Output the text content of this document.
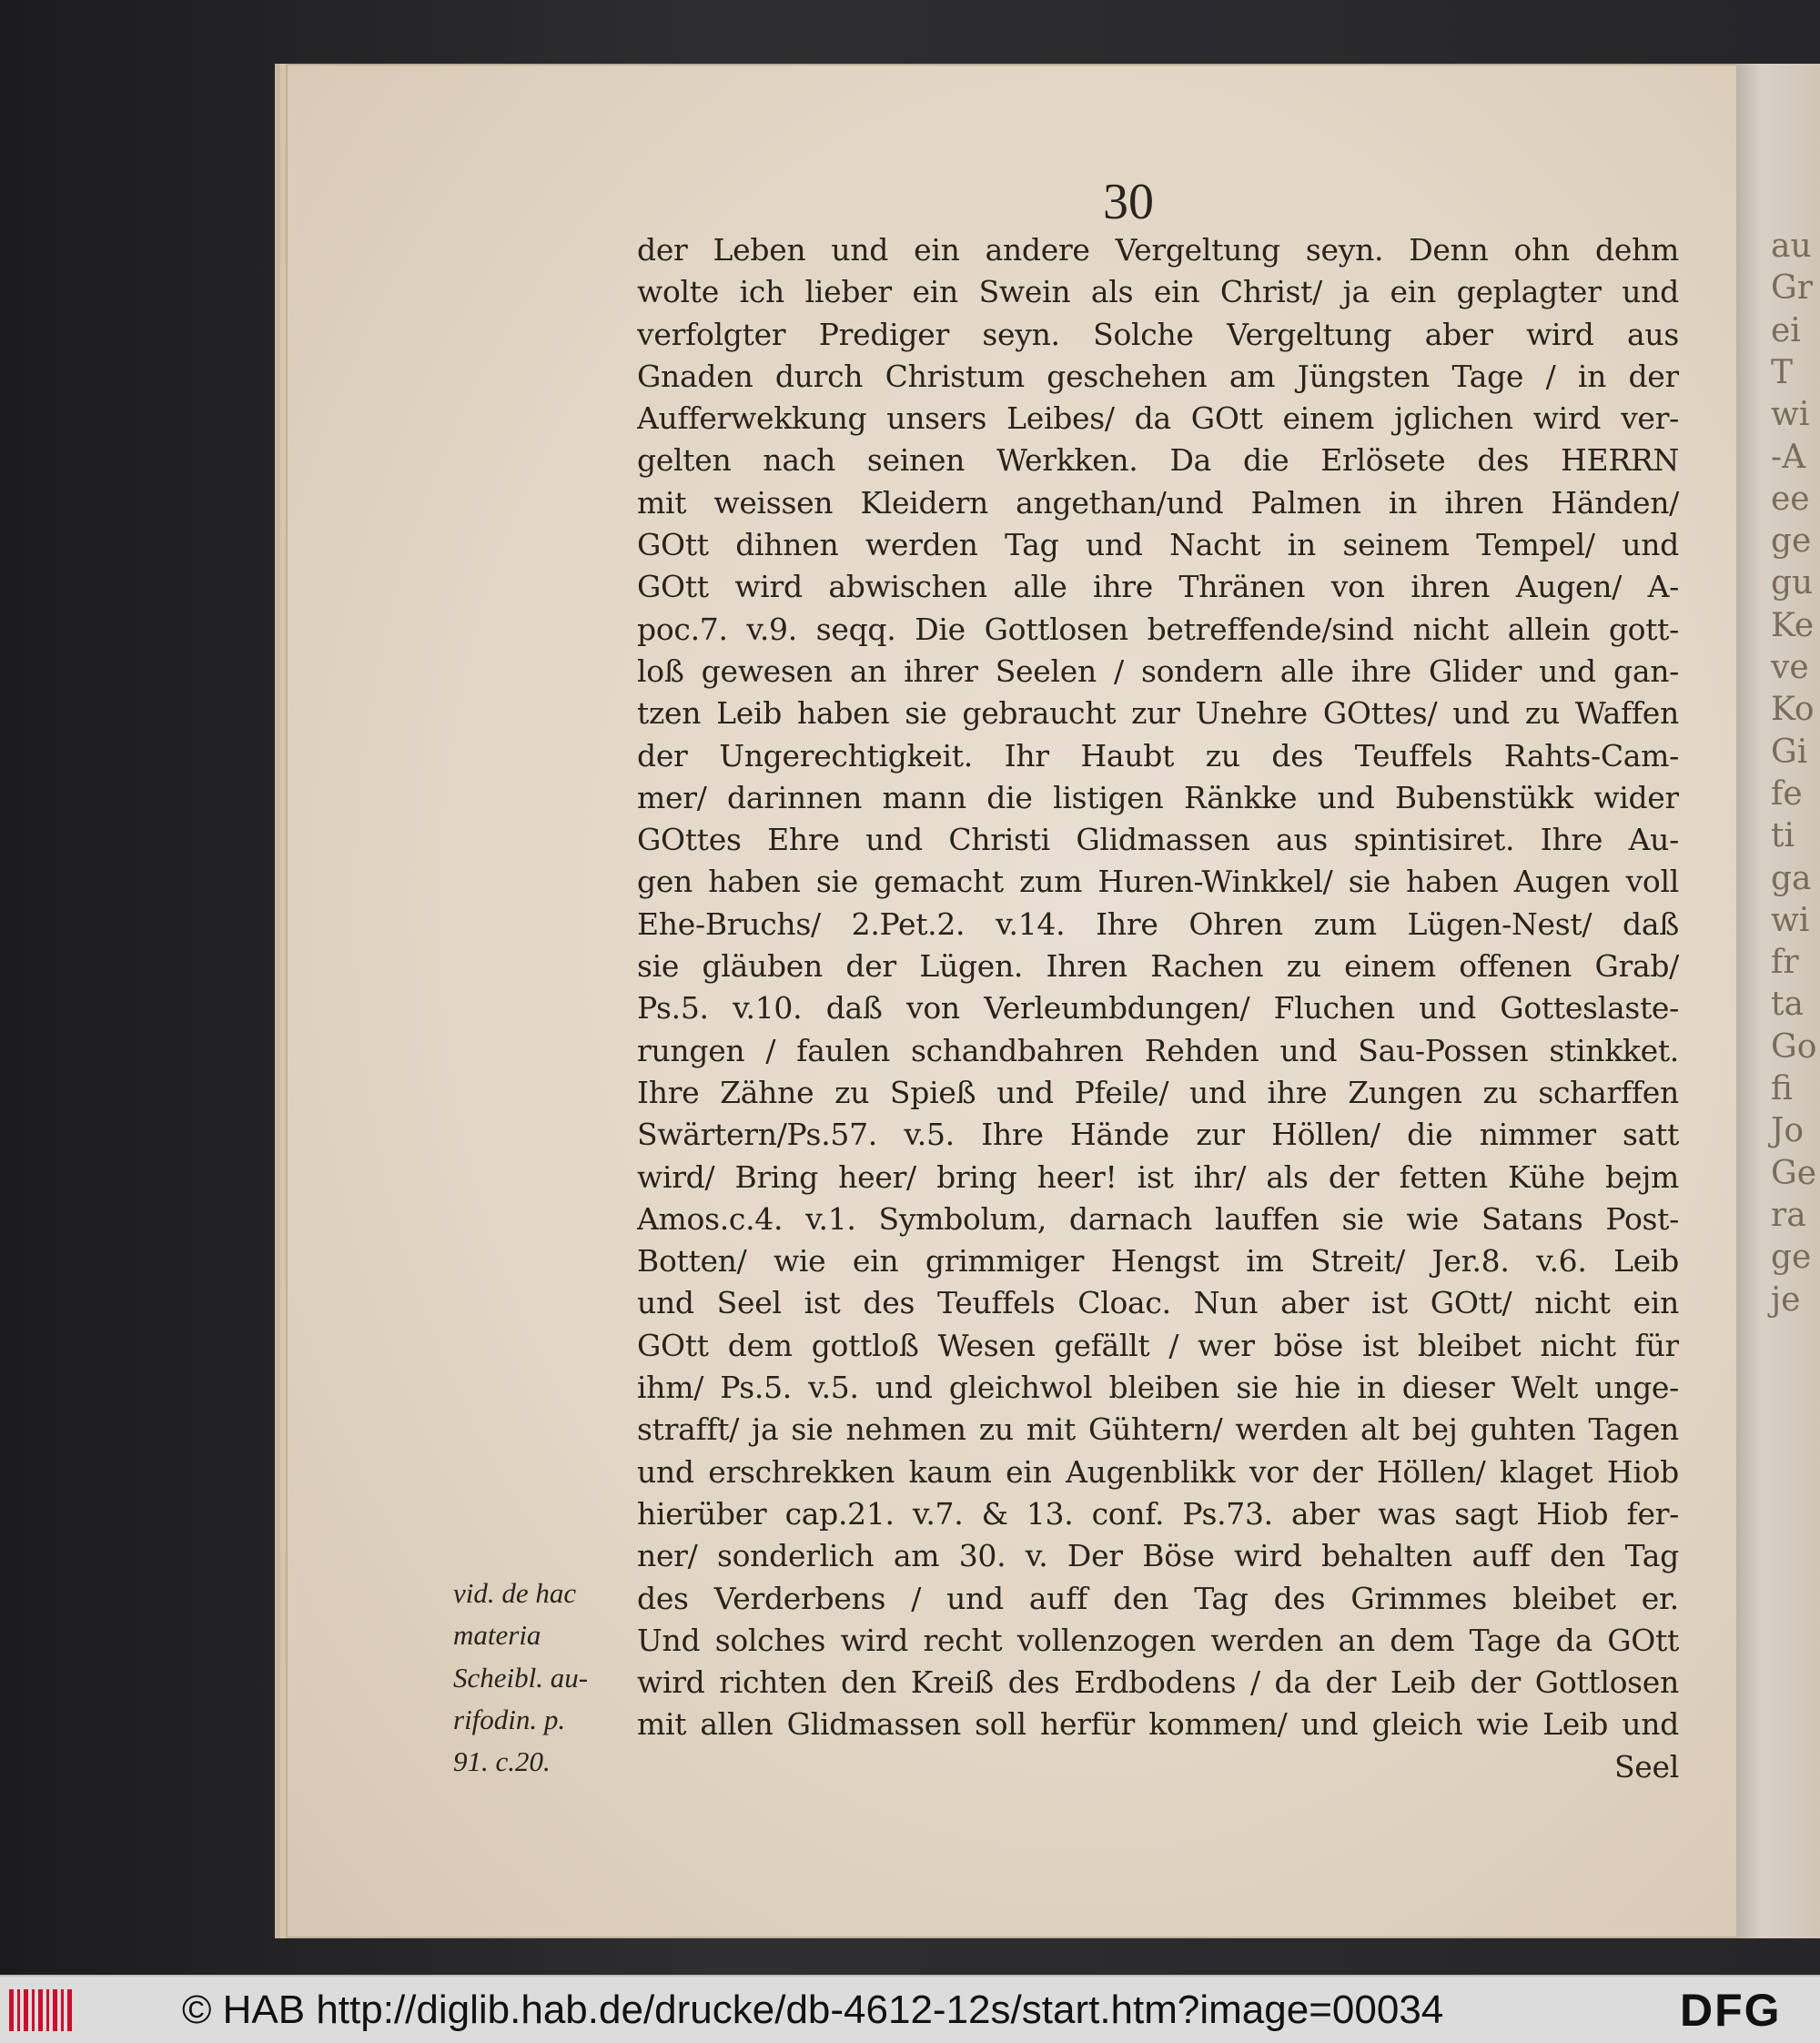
au
Gr
ei
T
wi
-A
ee
ge
gu
Ke
ve
Ko
Gi
fe
ti
ga
wi
fr
ta
Go
fi
Jo
Ge
ra
ge
je
30
der Leben und ein andere Vergeltung seyn. Denn ohn dehm
wolte ich lieber ein Swein als ein Christ/ ja ein geplagter und
verfolgter Prediger seyn. Solche Vergeltung aber wird aus
Gnaden durch Christum geschehen am Jüngsten Tage / in der
Aufferwekkung unsers Leibes/ da GOtt einem jglichen wird ver-
gelten nach seinen Werkken. Da die Erlösete des HERRN
mit weissen Kleidern angethan/und Palmen in ihren Händen/
GOtt dihnen werden Tag und Nacht in seinem Tempel/ und
GOtt wird abwischen alle ihre Thränen von ihren Augen/ A-
poc.7. v.9. seqq. Die Gottlosen betreffende/sind nicht allein gott-
loß gewesen an ihrer Seelen / sondern alle ihre Glider und gan-
tzen Leib haben sie gebraucht zur Unehre GOttes/ und zu Waffen
der Ungerechtigkeit. Ihr Haubt zu des Teuffels Rahts-Cam-
mer/ darinnen mann die listigen Ränkke und Bubenstükk wider
GOttes Ehre und Christi Glidmassen aus spintisiret. Ihre Au-
gen haben sie gemacht zum Huren-Winkkel/ sie haben Augen voll
Ehe-Bruchs/ 2.Pet.2. v.14. Ihre Ohren zum Lügen-Nest/ daß
sie gläuben der Lügen. Ihren Rachen zu einem offenen Grab/
Ps.5. v.10. daß von Verleumbdungen/ Fluchen und Gotteslaste-
rungen / faulen schandbahren Rehden und Sau-Possen stinkket.
Ihre Zähne zu Spieß und Pfeile/ und ihre Zungen zu scharffen
Swärtern/Ps.57. v.5. Ihre Hände zur Höllen/ die nimmer satt
wird/ Bring heer/ bring heer! ist ihr/ als der fetten Kühe bejm
Amos.c.4. v.1. Symbolum, darnach lauffen sie wie Satans Post-
Botten/ wie ein grimmiger Hengst im Streit/ Jer.8. v.6. Leib
und Seel ist des Teuffels Cloac. Nun aber ist GOtt/ nicht ein
GOtt dem gottloß Wesen gefällt / wer böse ist bleibet nicht für
ihm/ Ps.5. v.5. und gleichwol bleiben sie hie in dieser Welt unge-
strafft/ ja sie nehmen zu mit Gühtern/ werden alt bej guhten Tagen
und erschrekken kaum ein Augenblikk vor der Höllen/ klaget Hiob
hierüber cap.21. v.7. & 13. conf. Ps.73. aber was sagt Hiob fer-
ner/ sonderlich am 30. v. Der Böse wird behalten auff den Tag
des Verderbens / und auff den Tag des Grimmes bleibet er.
Und solches wird recht vollenzogen werden an dem Tage da GOtt
wird richten den Kreiß des Erdbodens / da der Leib der Gottlosen
mit allen Glidmassen soll herfür kommen/ und gleich wie Leib und
Seel
vid. de hac
materia
Scheibl. au-
rifodin. p.
91. c.20.
© HAB http://diglib.hab.de/drucke/db-4612-12s/start.htm?image=00034	DFG
